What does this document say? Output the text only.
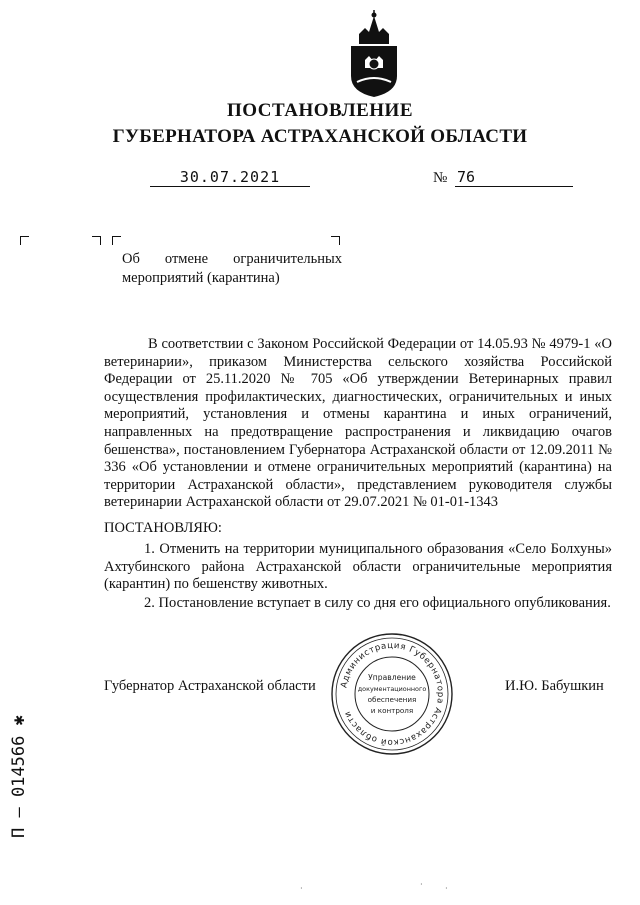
ПОСТАНОВЛЕНИЕ
ГУБЕРНАТОРА АСТРАХАНСКОЙ ОБЛАСТИ
30.07.2021	№ 76
Об отмене ограничительных мероприятий (карантина)
В соответствии с Законом Российской Федерации от 14.05.93 № 4979-1 «О ветеринарии», приказом Министерства сельского хозяйства Российской Федерации от 25.11.2020 № 705 «Об утверждении Ветеринарных правил осуществления профилактических, диагностических, ограничительных и иных мероприятий, установления и отмены карантина и иных ограничений, направленных на предотвращение распространения и ликвидацию очагов бешенства», постановлением Губернатора Астраханской области от 12.09.2011 № 336 «Об установлении и отмене ограничительных мероприятий (карантина) на территории Астраханской области», представлением руководителя службы ветеринарии Астраханской области от 29.07.2021 № 01-01-1343
ПОСТАНОВЛЯЮ:
1. Отменить на территории муниципального образования «Село Болхуны» Ахтубинского района Астраханской области ограничительные мероприятия (карантин) по бешенству животных.
2. Постановление вступает в силу со дня его официального опубликования.
Губернатор Астраханской области	И.Ю. Бабушкин
Администрация Губернатора Астраханской области
Управление
документационного
обеспечения
и контроля
П – 014566 ✱
·	·	·
